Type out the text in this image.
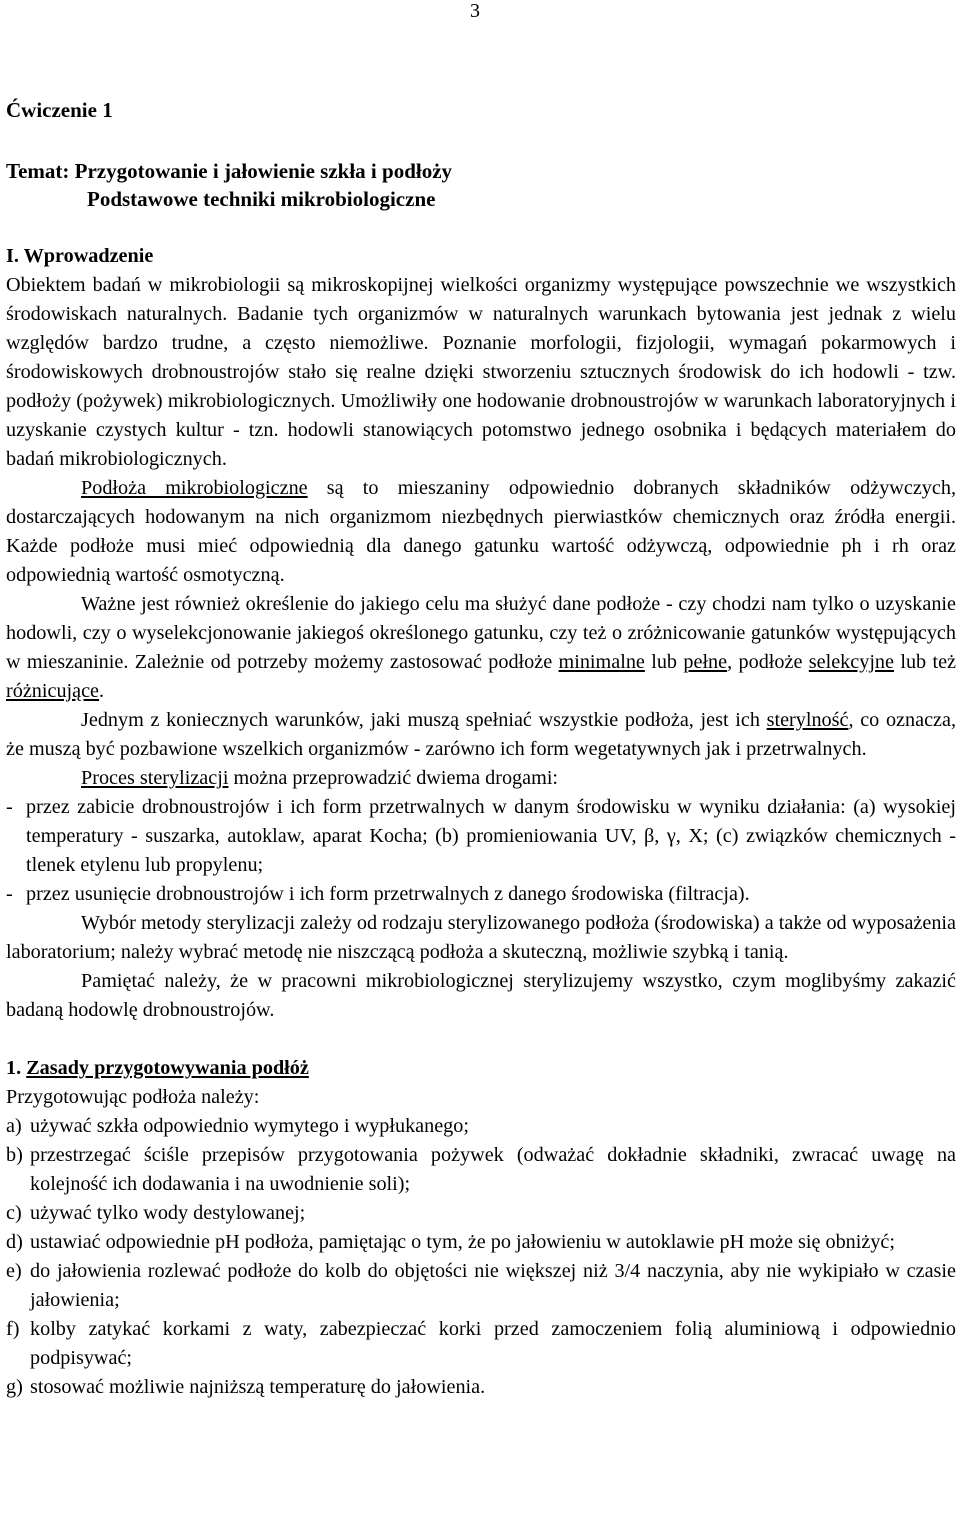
3
Ćwiczenie 1
Temat: Przygotowanie i jałowienie szkła i podłoży
Podstawowe techniki mikrobiologiczne

I. Wprowadzenie

Obiektem badań w mikrobiologii są mikroskopijnej wielkości organizmy występujące powszechnie we wszystkich środowiskach naturalnych. Badanie tych organizmów w naturalnych warunkach bytowania jest jednak z wielu względów bardzo trudne, a często niemożliwe. Poznanie morfologii, fizjologii, wymagań pokarmowych i środowiskowych drobnoustrojów stało się realne dzięki stworzeniu sztucznych środowisk do ich hodowli - tzw. podłoży (pożywek) mikrobiologicznych. Umożliwiły one hodowanie drobnoustrojów w warunkach laboratoryjnych i uzyskanie czystych kultur - tzn. hodowli stanowiących potomstwo jednego osobnika i będących materiałem do badań mikrobiologicznych.

Podłoża mikrobiologiczne są to mieszaniny odpowiednio dobranych składników odżywczych, dostarczających hodowanym na nich organizmom niezbędnych pierwiastków chemicznych oraz źródła energii. Każde podłoże musi mieć odpowiednią dla danego gatunku wartość odżywczą, odpowiednie ph i rh oraz odpowiednią wartość osmotyczną.

Ważne jest również określenie do jakiego celu ma służyć dane podłoże - czy chodzi nam tylko o uzyskanie hodowli, czy o wyselekcjonowanie jakiegoś określonego gatunku, czy też o zróżnicowanie gatunków występujących w mieszaninie. Zależnie od potrzeby możemy zastosować podłoże minimalne lub pełne, podłoże selekcyjne lub też różnicujące.

Jednym z koniecznych warunków, jaki muszą spełniać wszystkie podłoża, jest ich sterylność, co oznacza, że muszą być pozbawione wszelkich organizmów - zarówno ich form wegetatywnych jak i przetrwalnych.

Proces sterylizacji można przeprowadzić dwiema drogami:

- przez zabicie drobnoustrojów i ich form przetrwalnych w danym środowisku w wyniku działania: (a) wysokiej temperatury - suszarka, autoklaw, aparat Kocha; (b) promieniowania UV, β, γ, X; (c) związków chemicznych - tlenek etylenu lub propylenu;
- przez usunięcie drobnoustrojów i ich form przetrwalnych z danego środowiska (filtracja).

Wybór metody sterylizacji zależy od rodzaju sterylizowanego podłoża (środowiska) a także od wyposażenia laboratorium; należy wybrać metodę nie niszczącą podłoża a skuteczną, możliwie szybką i tanią.

Pamiętać należy, że w pracowni mikrobiologicznej sterylizujemy wszystko, czym moglibyśmy zakazić badaną hodowlę drobnoustrojów.

1. Zasady przygotowywania podłóż

Przygotowując podłoża należy:

a) używać szkła odpowiednio wymytego i wypłukanego;
b) przestrzegać ściśle przepisów przygotowania pożywek (odważać dokładnie składniki, zwracać uwagę na kolejność ich dodawania i na uwodnienie soli);
c) używać tylko wody destylowanej;
d) ustawiać odpowiednie pH podłoża, pamiętając o tym, że po jałowieniu w autoklawie pH może się obniżyć;
e) do jałowienia rozlewać podłoże do kolb do objętości nie większej niż 3/4 naczynia, aby nie wykipiało w czasie jałowienia;
f) kolby zatykać korkami z waty, zabezpieczać korki przed zamoczeniem folią aluminiową i odpowiednio podpisywać;
g) stosować możliwie najniższą temperaturę do jałowienia.
